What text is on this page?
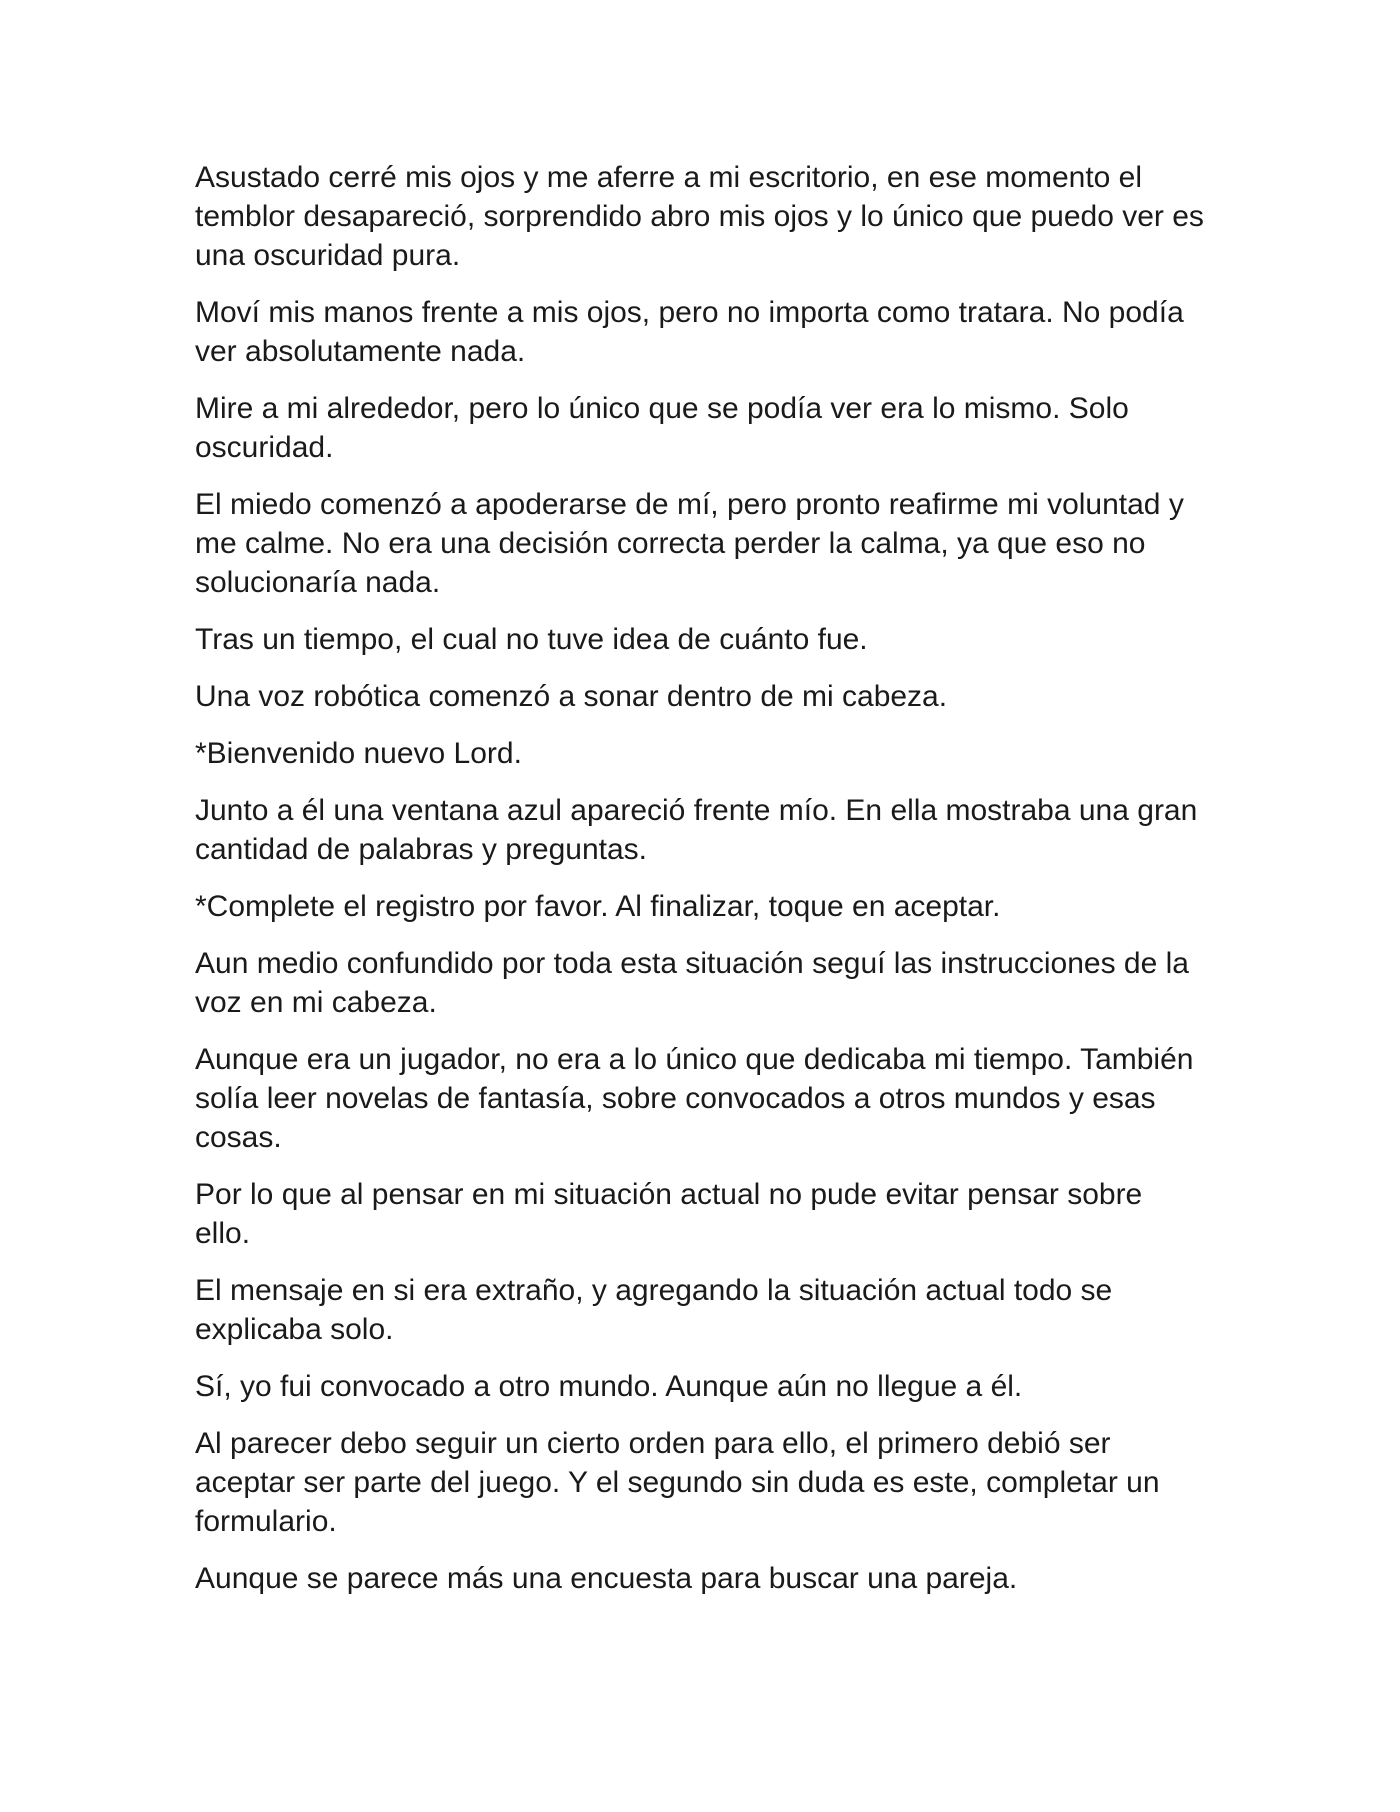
Asustado cerré mis ojos y me aferre a mi escritorio, en ese momento el temblor desapareció, sorprendido abro mis ojos y lo único que puedo ver es una oscuridad pura.

Moví mis manos frente a mis ojos, pero no importa como tratara. No podía ver absolutamente nada.

Mire a mi alrededor, pero lo único que se podía ver era lo mismo. Solo oscuridad.

El miedo comenzó a apoderarse de mí, pero pronto reafirme mi voluntad y me calme. No era una decisión correcta perder la calma, ya que eso no solucionaría nada.

Tras un tiempo, el cual no tuve idea de cuánto fue.

Una voz robótica comenzó a sonar dentro de mi cabeza.

*Bienvenido nuevo Lord.

Junto a él una ventana azul apareció frente mío. En ella mostraba una gran cantidad de palabras y preguntas.

*Complete el registro por favor. Al finalizar, toque en aceptar.

Aun medio confundido por toda esta situación seguí las instrucciones de la voz en mi cabeza.

Aunque era un jugador, no era a lo único que dedicaba mi tiempo. También solía leer novelas de fantasía, sobre convocados a otros mundos y esas cosas.

Por lo que al pensar en mi situación actual no pude evitar pensar sobre ello.

El mensaje en si era extraño, y agregando la situación actual todo se explicaba solo.

Sí, yo fui convocado a otro mundo. Aunque aún no llegue a él.

Al parecer debo seguir un cierto orden para ello, el primero debió ser aceptar ser parte del juego. Y el segundo sin duda es este, completar un formulario.

Aunque se parece más una encuesta para buscar una pareja.
